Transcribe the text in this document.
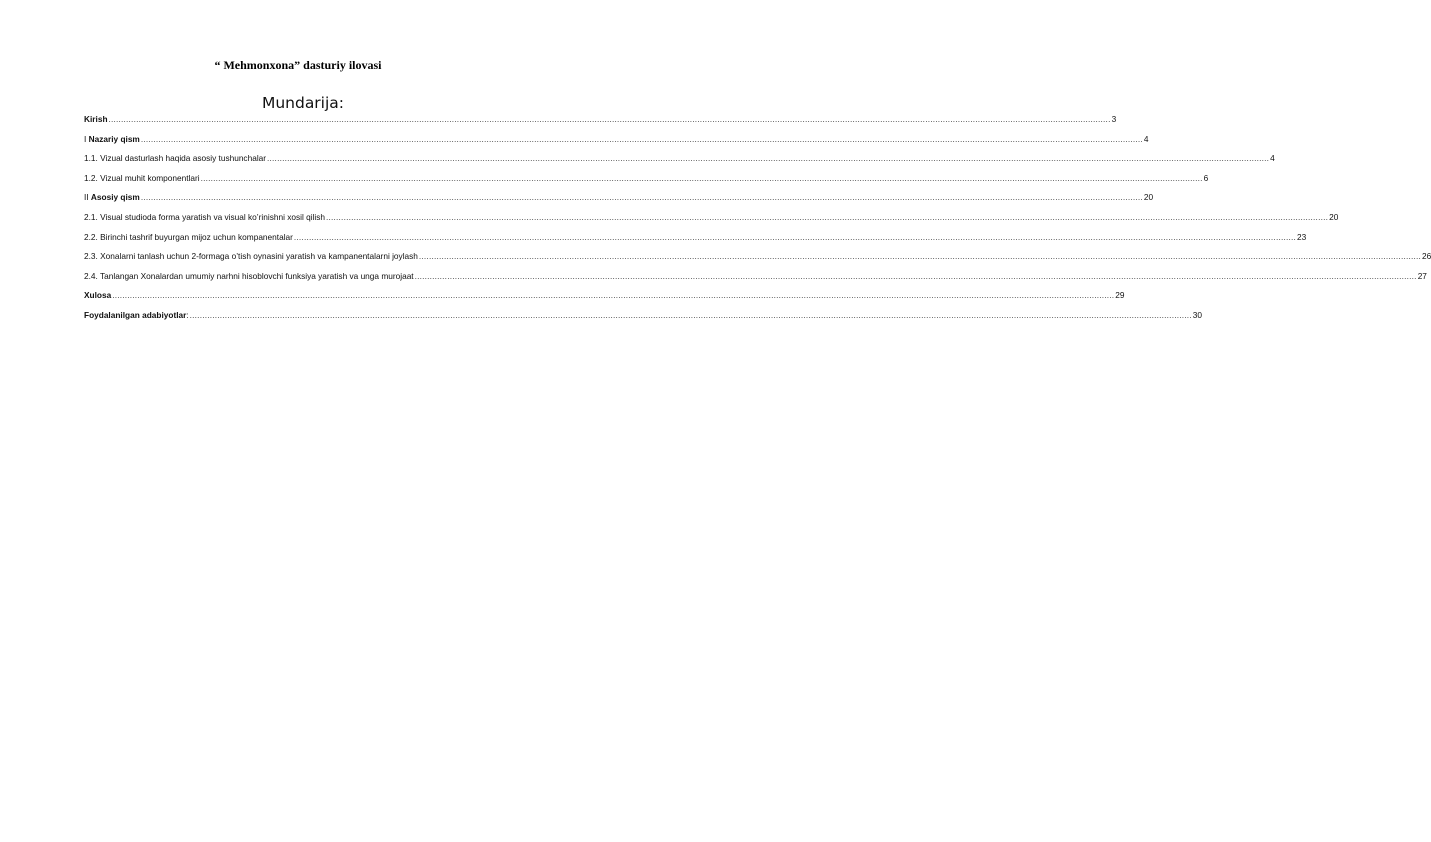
“ Mehmonxona” dasturiy ilovasi
Mundarija:
Kirish ................................................................................................................................................................................................................................................................................................................................................................................................................ 3
I Nazariy qism ................................................................................................................................................................................................................................................................................................................................................................................................................ 4
1.1. Vizual dasturlash haqida asosiy tushunchalar ................................................................................................................................................................................................................................................................................................................................................................................................................ 4
1.2. Vizual muhit komponentlari ................................................................................................................................................................................................................................................................................................................................................................................................................ 6
II Asosiy qism ................................................................................................................................................................................................................................................................................................................................................................................................................ 20
2.1. Visual studioda forma yaratish va visual ko’rinishni xosil qilish ................................................................................................................................................................................................................................................................................................................................................................................................................ 20
2.2. Birinchi tashrif buyurgan mijoz uchun kompanentalar ................................................................................................................................................................................................................................................................................................................................................................................................................ 23
2.3. Xonalarni tanlash uchun 2-formaga o’tish oynasini yaratish va kampanentalarni joylash ................................................................................................................................................................................................................................................................................................................................................................................................................ 26
2.4. Tanlangan Xonalardan umumiy narhni hisoblovchi funksiya yaratish va unga murojaat ................................................................................................................................................................................................................................................................................................................................................................................................................ 27
Xulosa ................................................................................................................................................................................................................................................................................................................................................................................................................ 29
Foydalanilgan adabiyotlar: ................................................................................................................................................................................................................................................................................................................................................................................................................ 30
